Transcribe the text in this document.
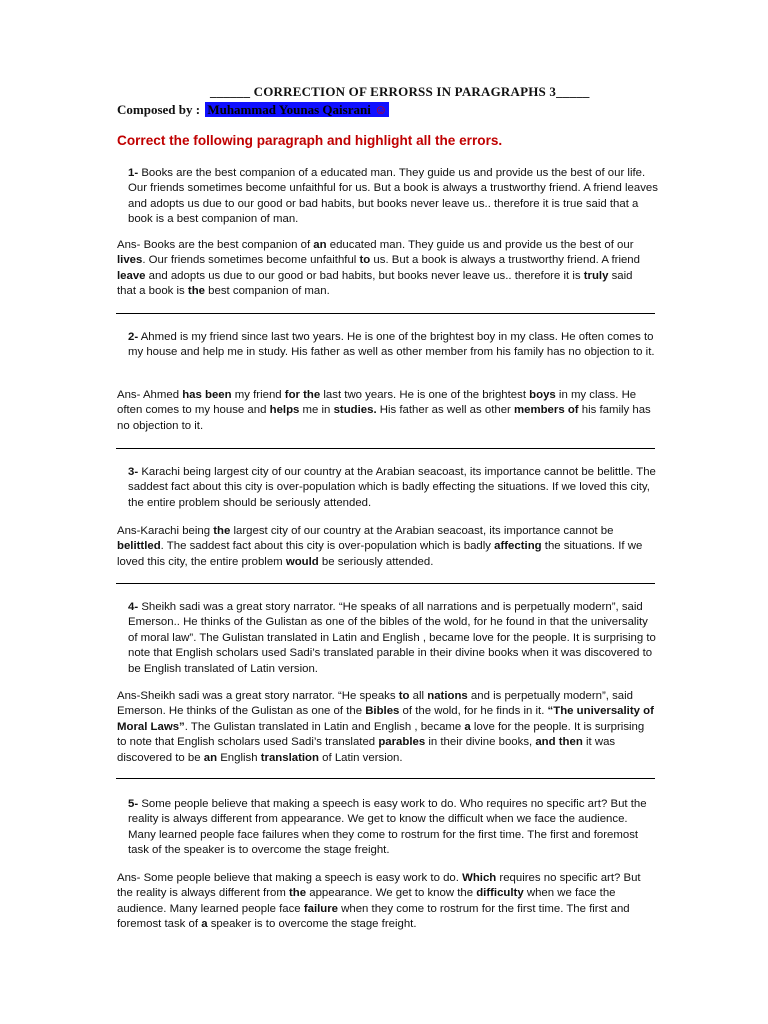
______ CORRECTION OF ERRORSS IN PARAGRAPHS 3_____
Composed by : Muhammad Younas Qaisrani ☺
Correct the following paragraph and highlight all the errors.
1- Books are the best companion of a educated man. They guide us and provide us the best of our life. Our friends sometimes become unfaithful for us. But a book is always a trustworthy friend. A friend leaves and adopts us due to our good or bad habits, but books never leave us.. therefore it is true said that a book is a best companion of man.
Ans- Books are the best companion of an educated man. They guide us and provide us the best of our lives. Our friends sometimes become unfaithful to us. But a book is always a trustworthy friend. A friend leave and adopts us due to our good or bad habits, but books never leave us.. therefore it is truly said that a book is the best companion of man.
2- Ahmed is my friend since last two years. He is one of the brightest boy in my class. He often comes to my house and help me in study. His father as well as other member from his family has no objection to it.
Ans- Ahmed has been my friend for the last two years. He is one of the brightest boys in my class. He often comes to my house and helps me in studies. His father as well as other members of his family has no objection to it.
3- Karachi being largest city of our country at the Arabian seacoast, its importance cannot be belittle. The saddest fact about this city is over-population which is badly effecting the situations. If we loved this city, the entire problem should be seriously attended.
Ans-Karachi being the largest city of our country at the Arabian seacoast, its importance cannot be belittled. The saddest fact about this city is over-population which is badly affecting the situations. If we loved this city, the entire problem would be seriously attended.
4- Sheikh sadi was a great story narrator. “He speaks of all narrations and is perpetually modern”, said Emerson.. He thinks of the Gulistan as one of the bibles of the wold, for he found in that the universality of moral law”. The Gulistan translated in Latin and English , became love for the people. It is surprising to note that English scholars used Sadi’s translated parable in their divine books when it was discovered to be English translated of Latin version.
Ans-Sheikh sadi was a great story narrator. “He speaks to all nations and is perpetually modern”, said Emerson. He thinks of the Gulistan as one of the Bibles of the wold, for he finds in it. “The universality of Moral Laws”. The Gulistan translated in Latin and English , became a love for the people. It is surprising to note that English scholars used Sadi’s translated parables in their divine books, and then it was discovered to be an English translation of Latin version.
5- Some people believe that making a speech is easy work to do. Who requires no specific art? But the reality is always different from appearance. We get to know the difficult when we face the audience. Many learned people face failures when they come to rostrum for the first time. The first and foremost task of the speaker is to overcome the stage freight.
Ans- Some people believe that making a speech is easy work to do. Which requires no specific art? But the reality is always different from the appearance. We get to know the difficulty when we face the audience. Many learned people face failure when they come to rostrum for the first time. The first and foremost task of a speaker is to overcome the stage freight.
